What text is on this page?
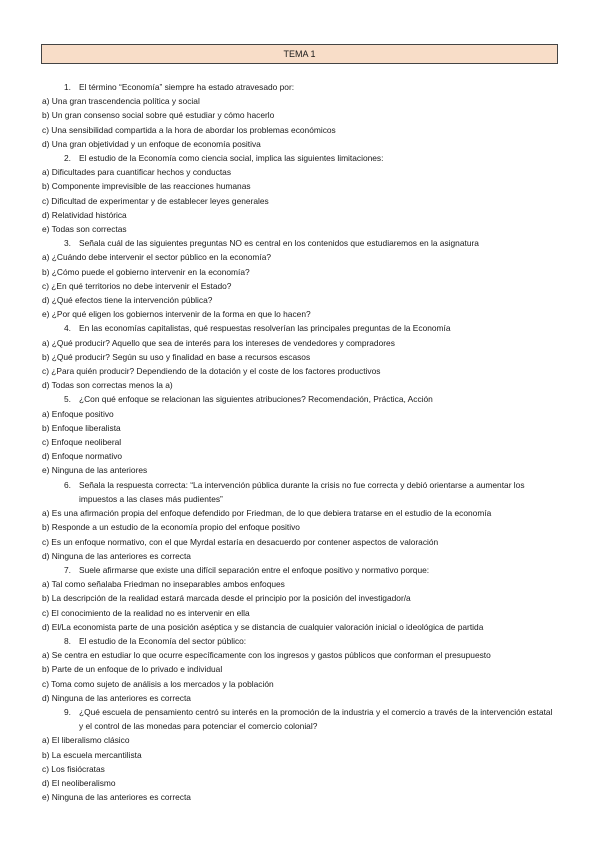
TEMA 1
1. El término “Economía” siempre ha estado atravesado por:
a) Una gran trascendencia política y social
b) Un gran consenso social sobre qué estudiar y cómo hacerlo
c) Una sensibilidad compartida a la hora de abordar los problemas económicos
d) Una gran objetividad y un enfoque de economía positiva
2. El estudio de la Economía como ciencia social, implica las siguientes limitaciones:
a) Dificultades para cuantificar hechos y conductas
b) Componente imprevisible de las reacciones humanas
c) Dificultad de experimentar y de establecer leyes generales
d) Relatividad histórica
e) Todas son correctas
3. Señala cuál de las siguientes preguntas NO es central en los contenidos que estudiaremos en la asignatura
a) ¿Cuándo debe intervenir el sector público en la economía?
b) ¿Cómo puede el gobierno intervenir en la economía?
c) ¿En qué territorios no debe intervenir el Estado?
d) ¿Qué efectos tiene la intervención pública?
e) ¿Por qué eligen los gobiernos intervenir de la forma en que lo hacen?
4. En las economías capitalistas, qué respuestas resolverían las principales preguntas de la Economía
a) ¿Qué producir? Aquello que sea de interés para los intereses de vendedores y compradores
b) ¿Qué producir? Según su uso y finalidad en base a recursos escasos
c) ¿Para quién producir? Dependiendo de la dotación y el coste de los factores productivos
d) Todas son correctas menos la a)
5. ¿Con qué enfoque se relacionan las siguientes atribuciones? Recomendación, Práctica, Acción
a) Enfoque positivo
b) Enfoque liberalista
c) Enfoque neoliberal
d) Enfoque normativo
e) Ninguna de las anteriores
6. Señala la respuesta correcta: “La intervención pública durante la crisis no fue correcta y debió orientarse a aumentar los impuestos a las clases más pudientes”
a) Es una afirmación propia del enfoque defendido por Friedman, de lo que debiera tratarse en el estudio de la economía
b) Responde a un estudio de la economía propio del enfoque positivo
c) Es un enfoque normativo, con el que Myrdal estaría en desacuerdo por contener aspectos de valoración
d) Ninguna de las anteriores es correcta
7. Suele afirmarse que existe una difícil separación entre el enfoque positivo y normativo porque:
a) Tal como señalaba Friedman no inseparables ambos enfoques
b) La descripción de la realidad estará marcada desde el principio por la posición del investigador/a
c) El conocimiento de la realidad no es intervenir en ella
d) El/La economista parte de una posición aséptica y se distancia de cualquier valoración inicial o ideológica de partida
8. El estudio de la Economía del sector público:
a) Se centra en estudiar lo que ocurre específicamente con los ingresos y gastos públicos que conforman el presupuesto
b) Parte de un enfoque de lo privado e individual
c) Toma como sujeto de análisis a los mercados y la población
d) Ninguna de las anteriores es correcta
9. ¿Qué escuela de pensamiento centró su interés en la promoción de la industria y el comercio a través de la intervención estatal y el control de las monedas para potenciar el comercio colonial?
a) El liberalismo clásico
b) La escuela mercantilista
c) Los fisiócratas
d) El neoliberalismo
e) Ninguna de las anteriores es correcta
